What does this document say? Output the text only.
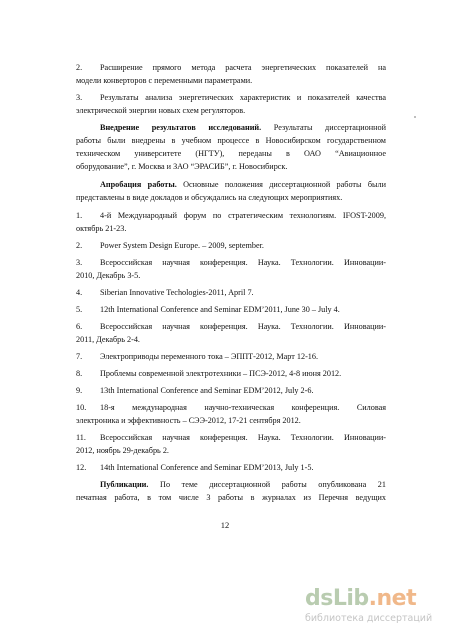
2. Расширение прямого метода расчета энергетических показателей на
модели конверторов с переменными параметрами.
3. Результаты анализа энергетических характеристик и показателей качества
электрической энергии новых схем регуляторов.
Внедрение результатов исследований. Результаты диссертационной
работы были внедрены в учебном процессе в Новосибирском государственном
техническом университете (НГТУ), переданы в ОАО “Авиационное
оборудование”, г. Москва и ЗАО “ЭРАСИБ”, г. Новосибирск.
Апробация работы. Основные положения диссертационной работы были
представлены в виде докладов и обсуждались на следующих мероприятиях.
1. 4-й Международный форум по стратегическим технологиям. IFOST-2009,
октябрь 21-23.
2. Power System Design Europe. – 2009, september.
3. Всероссийская научная конференция. Наука. Технологии. Инновации-
2010, Декабрь 3-5.
4. Siberian Innovative Techologies-2011, April 7.
5. 12th International Conference and Seminar EDM’2011, June 30 – July 4.
6. Всероссийская научная конференция. Наука. Технологии. Инновации-
2011, Декабрь 2-4.
7. Электроприводы переменного тока – ЭППТ-2012, Март 12-16.
8. Проблемы современной электротехники – ПСЭ-2012, 4-8 июня 2012.
9. 13th International Conference and Seminar EDM’2012, July 2-6.
10. 18-я международная научно-техническая конференция. Силовая
электроника и эффективность – СЭЭ-2012, 17-21 сентября 2012.
11. Всероссийская научная конференция. Наука. Технологии. Инновации-
2012, ноябрь 29-декабрь 2.
12. 14th International Conference and Seminar EDM’2013, July 1-5.
Публикации. По теме диссертационной работы опубликована 21
печатная работа, в том числе 3 работы в журналах из Перечня ведущих
12
dsLib.net
библиотека диссертаций
